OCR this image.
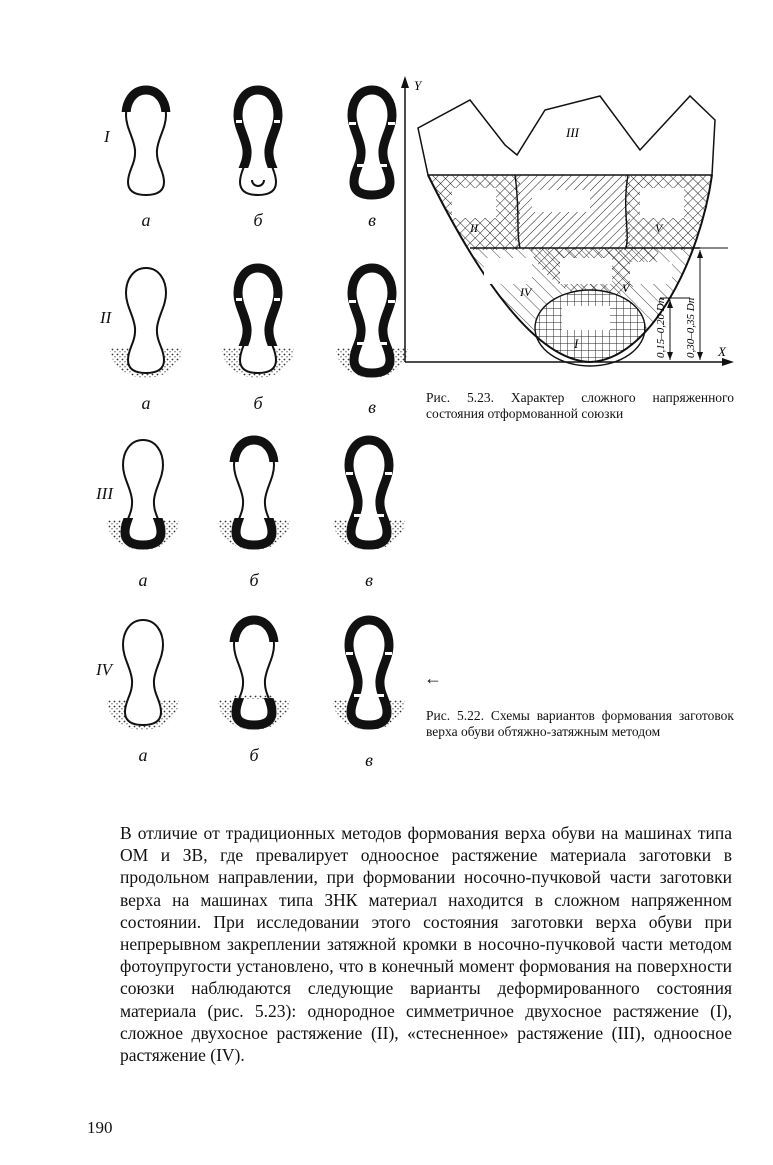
I
II
III
IV
а	б	в
а	б	в
а	б	в
а	б	в
III
II	V
IV	V
I
Y
X
0,15–0,20 Dп 0,30–0,35 Dп
Рис. 5.23. Характер сложного напряженного состояния отформованной союзки
←
Рис. 5.22. Схемы вариантов формования заготовок верха обуви обтяжно-затяжным методом
В отличие от традиционных методов формования верха обуви на машинах типа ОМ и ЗВ, где превалирует одноосное растяжение материала заготовки в продольном направлении, при формовании носочно-пучковой части заготовки верха на машинах типа ЗНК материал находится в сложном напряженном состоянии. При исследовании этого состояния заготовки верха обуви при непрерывном закреплении затяжной кромки в носочно-пучковой части методом фотоупругости установлено, что в конечный момент формования на поверхности союзки наблюдаются следующие варианты деформированного состояния материала (рис. 5.23): однородное симметричное двухосное растяжение (I), сложное двухосное растяжение (II), «стесненное» растяжение (III), одноосное растяжение (IV).
190
